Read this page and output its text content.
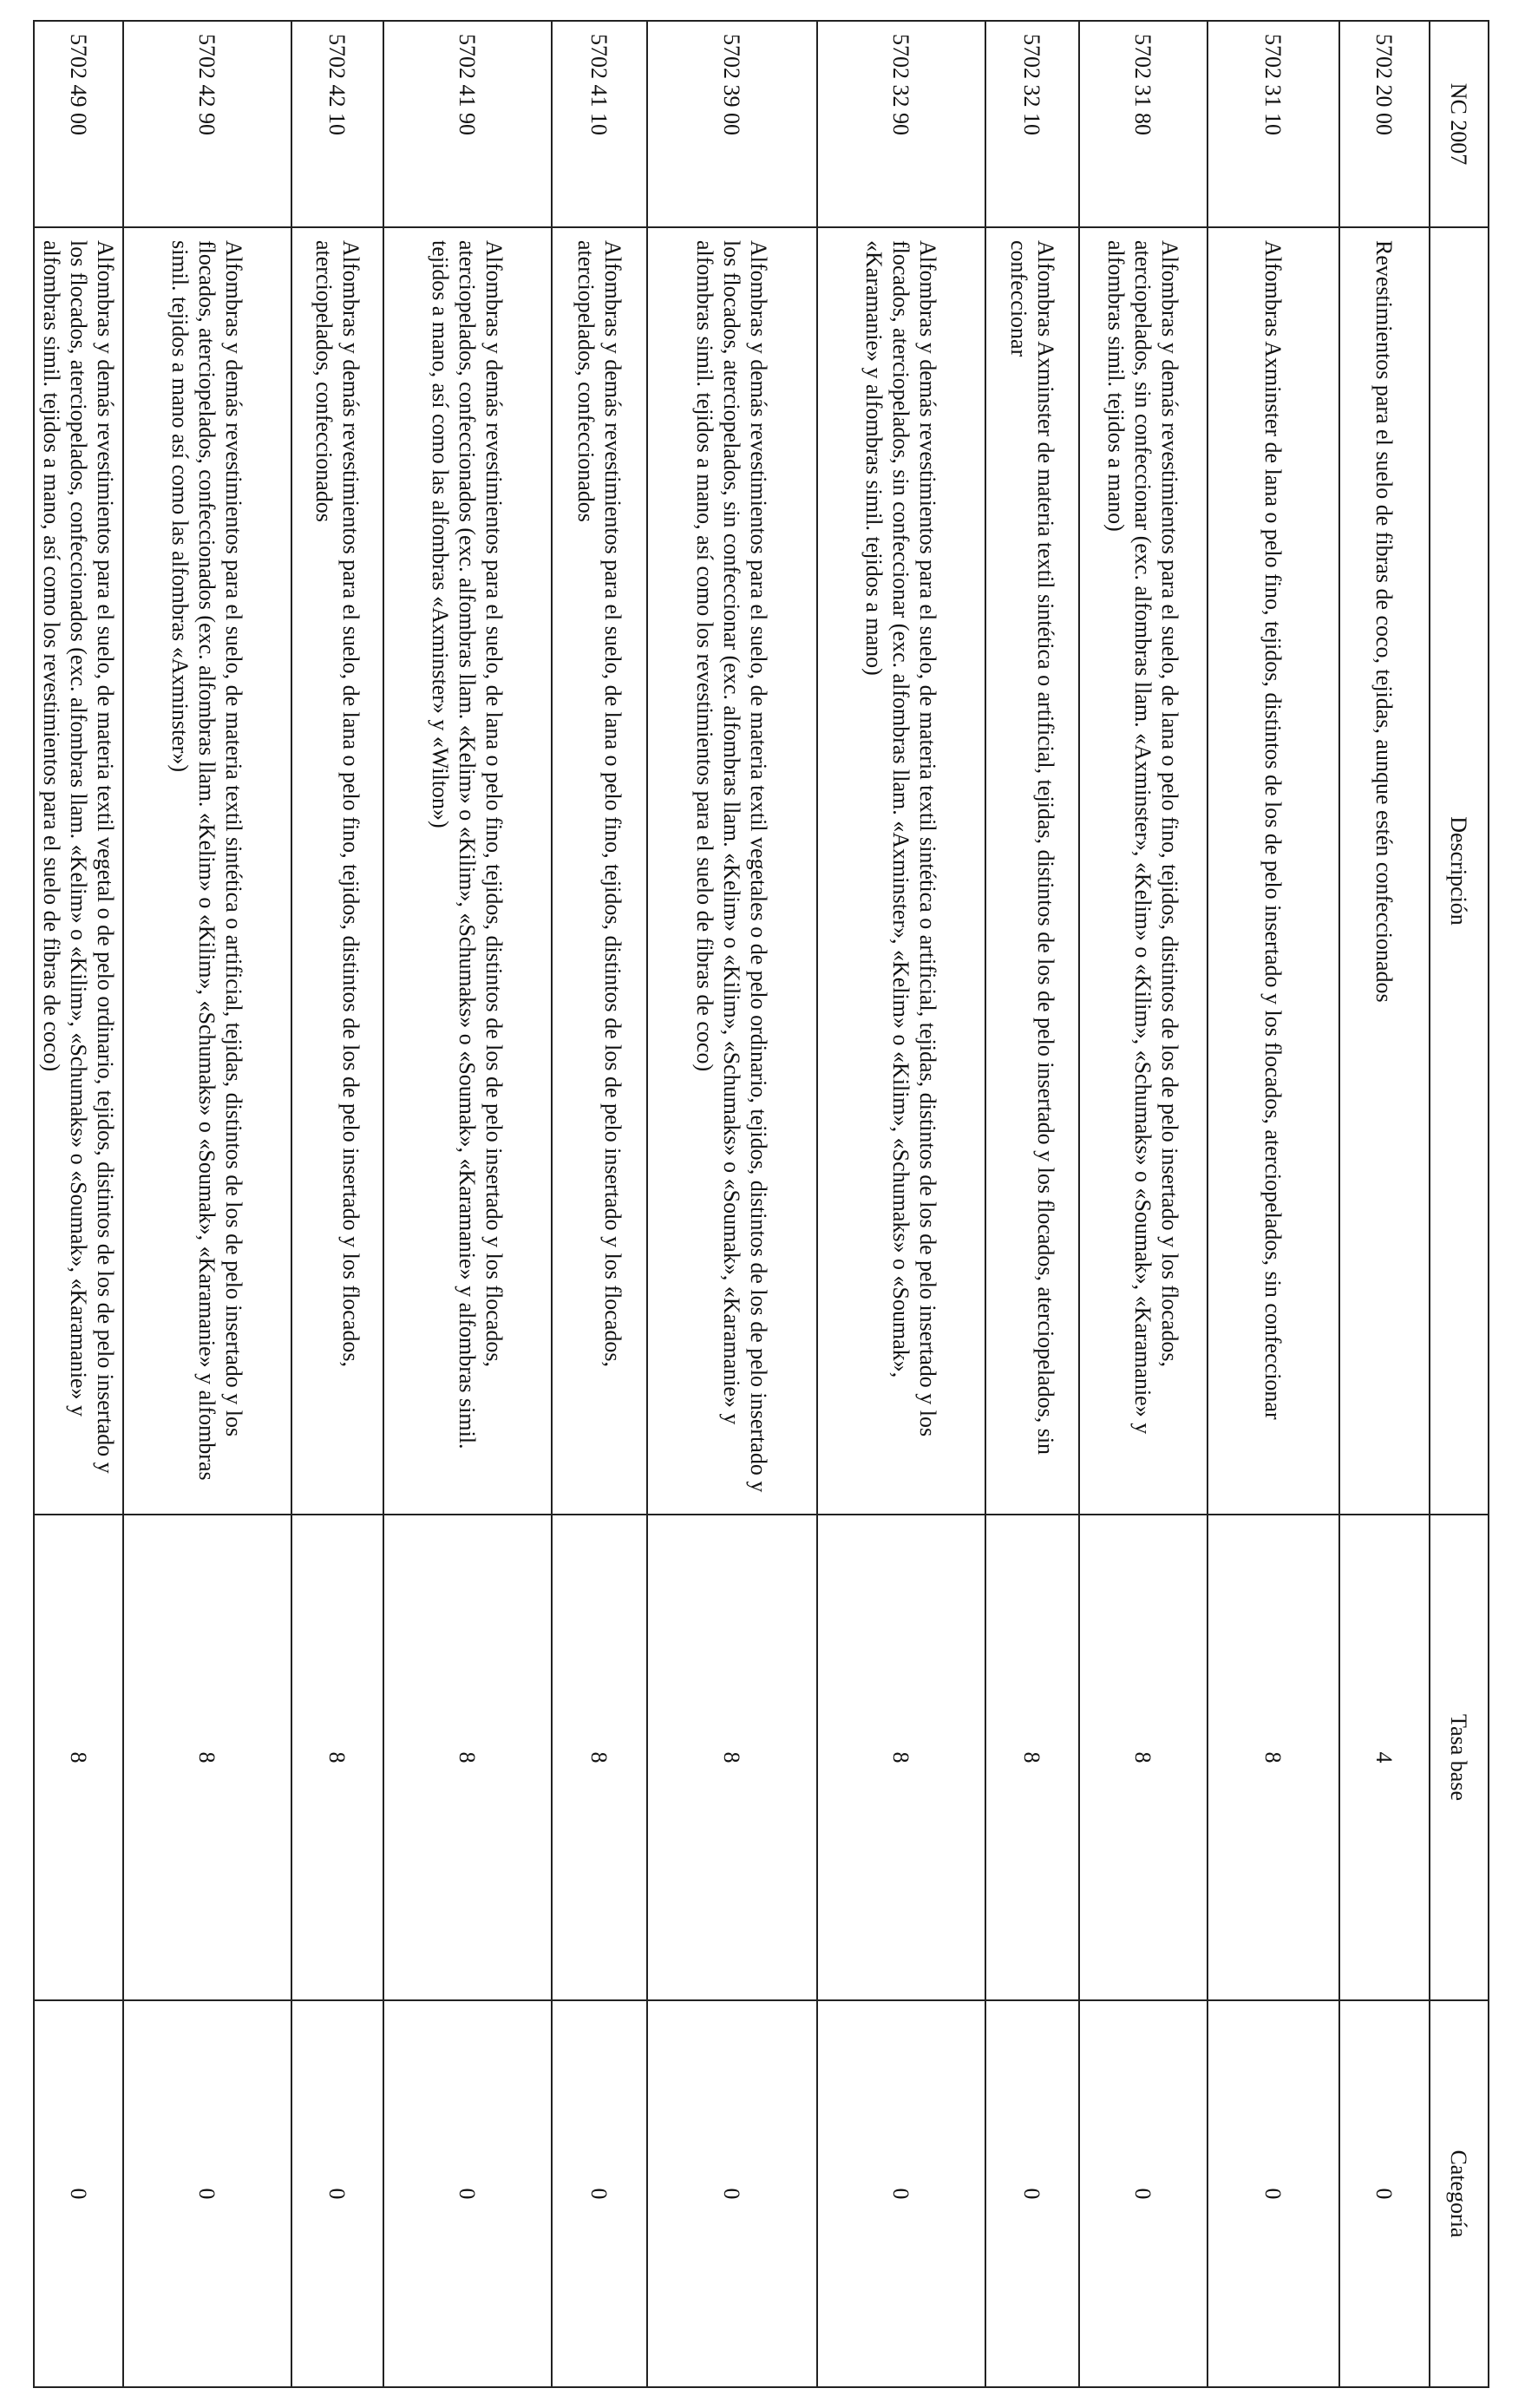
NC 2007	Descripción	Tasa base	Categoría
5702 20 00	Revestimientos para el suelo de fibras de coco, tejidas, aunque estén confeccionados	4	0
5702 31 10	Alfombras Axminster de lana o pelo fino, tejidos, distintos de los de pelo insertado y los flocados, aterciopelados, sin confeccionar	8	0
5702 31 80	Alfombras y demás revestimientos para el suelo, de lana o pelo fino, tejidos, distintos de los de pelo insertado y los flocados, aterciopelados, sin confeccionar (exc. alfombras llam. «Axminster», «Kelim» o «Kilim», «Schumaks» o «Soumak», «Karamanie» y alfombras simil. tejidos a mano)	8	0
5702 32 10	Alfombras Axminster de materia textil sintética o artificial, tejidas, distintos de los de pelo insertado y los flocados, aterciopelados, sin confeccionar	8	0
5702 32 90	Alfombras y demás revestimientos para el suelo, de materia textil sintética o artificial, tejidas, distintos de los de pelo insertado y los flocados, aterciopelados, sin confeccionar (exc. alfombras llam. «Axminster», «Kelim» o «Kilim», «Schumaks» o «Soumak», «Karamanie» y alfombras simil. tejidos a mano)	8	0
5702 39 00	Alfombras y demás revestimientos para el suelo, de materia textil vegetales o de pelo ordinario, tejidos, distintos de los de pelo insertado y los flocados, aterciopelados, sin confeccionar (exc. alfombras llam. «Kelim» o «Kilim», «Schumaks» o «Soumak», «Karamanie» y alfombras simil. tejidos a mano, así como los revestimientos para el suelo de fibras de coco)	8	0
5702 41 10	Alfombras y demás revestimientos para el suelo, de lana o pelo fino, tejidos, distintos de los de pelo insertado y los flocados, aterciopelados, confeccionados	8	0
5702 41 90	Alfombras y demás revestimientos para el suelo, de lana o pelo fino, tejidos, distintos de los de pelo insertado y los flocados, aterciopelados, confeccionados (exc. alfombras llam. «Kelim» o «Kilim», «Schumaks» o «Soumak», «Karamanie» y alfombras simil. tejidos a mano, así como las alfombras «Axminster» y «Wilton»)	8	0
5702 42 10	Alfombras y demás revestimientos para el suelo, de lana o pelo fino, tejidos, distintos de los de pelo insertado y los flocados, aterciopelados, confeccionados	8	0
5702 42 90	Alfombras y demás revestimientos para el suelo, de materia textil sintética o artificial, tejidas, distintos de los de pelo insertado y los flocados, aterciopelados, confeccionados (exc. alfombras llam. «Kelim» o «Kilim», «Schumaks» o «Soumak», «Karamanie» y alfombras simil. tejidos a mano así como las alfombras «Axminster»)	8	0
5702 49 00	Alfombras y demás revestimientos para el suelo, de materia textil vegetal o de pelo ordinario, tejidos, distintos de los de pelo insertado y los flocados, aterciopelados, confeccionados (exc. alfombras llam. «Kelim» o «Kilim», «Schumaks» o «Soumak», «Karamanie» y alfombras simil. tejidos a mano, así como los revestimientos para el suelo de fibras de coco)	8	0
